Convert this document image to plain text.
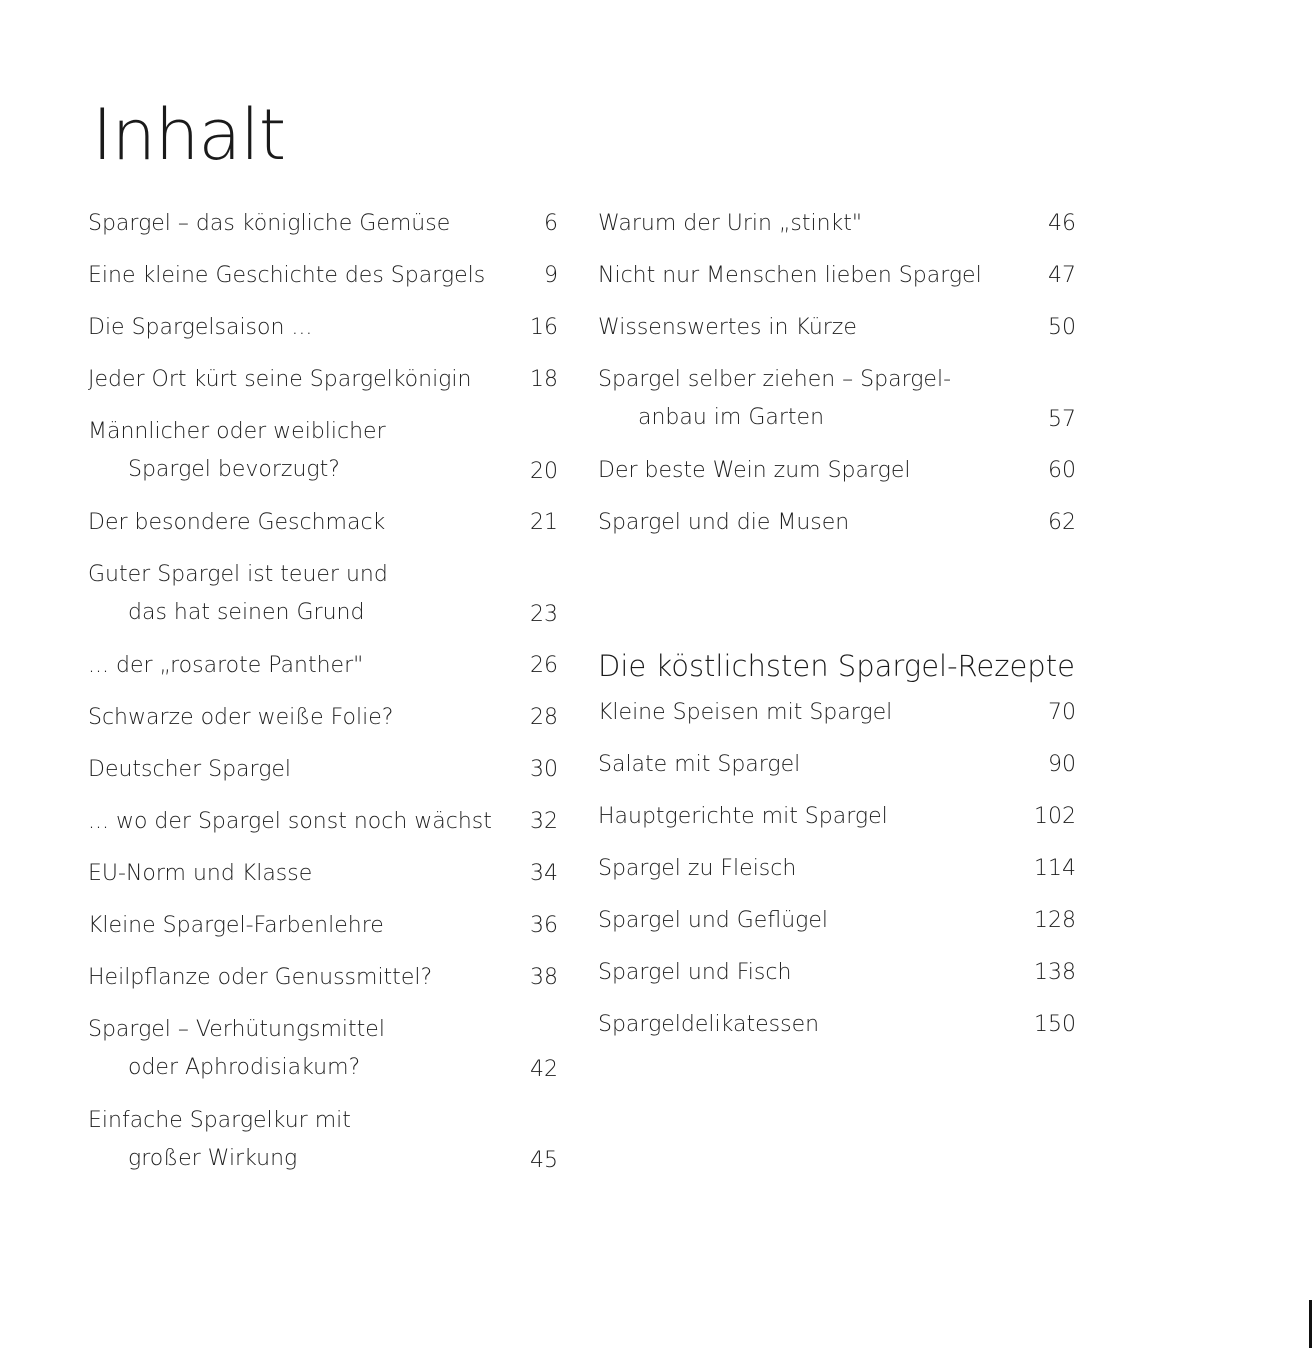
Inhalt
Spargel – das königliche Gemüse	6
Eine kleine Geschichte des Spargels	9
Die Spargelsaison ...	16
Jeder Ort kürt seine Spargelkönigin	18
Männlicher oder weiblicher
Spargel bevorzugt?	20
Der besondere Geschmack	21
Guter Spargel ist teuer und
das hat seinen Grund	23
... der „rosarote Panther"	26
Schwarze oder weiße Folie?	28
Deutscher Spargel	30
... wo der Spargel sonst noch wächst	32
EU-Norm und Klasse	34
Kleine Spargel-Farbenlehre	36
Heilpflanze oder Genussmittel?	38
Spargel – Verhütungsmittel
oder Aphrodisiakum?	42
Einfache Spargelkur mit
großer Wirkung	45
Warum der Urin „stinkt"	46
Nicht nur Menschen lieben Spargel	47
Wissenswertes in Kürze	50
Spargel selber ziehen – Spargel-
anbau im Garten	57
Der beste Wein zum Spargel	60
Spargel und die Musen	62
Die köstlichsten Spargel-Rezepte
Kleine Speisen mit Spargel	70
Salate mit Spargel	90
Hauptgerichte mit Spargel	102
Spargel zu Fleisch	114
Spargel und Geflügel	128
Spargel und Fisch	138
Spargeldelikatessen	150
